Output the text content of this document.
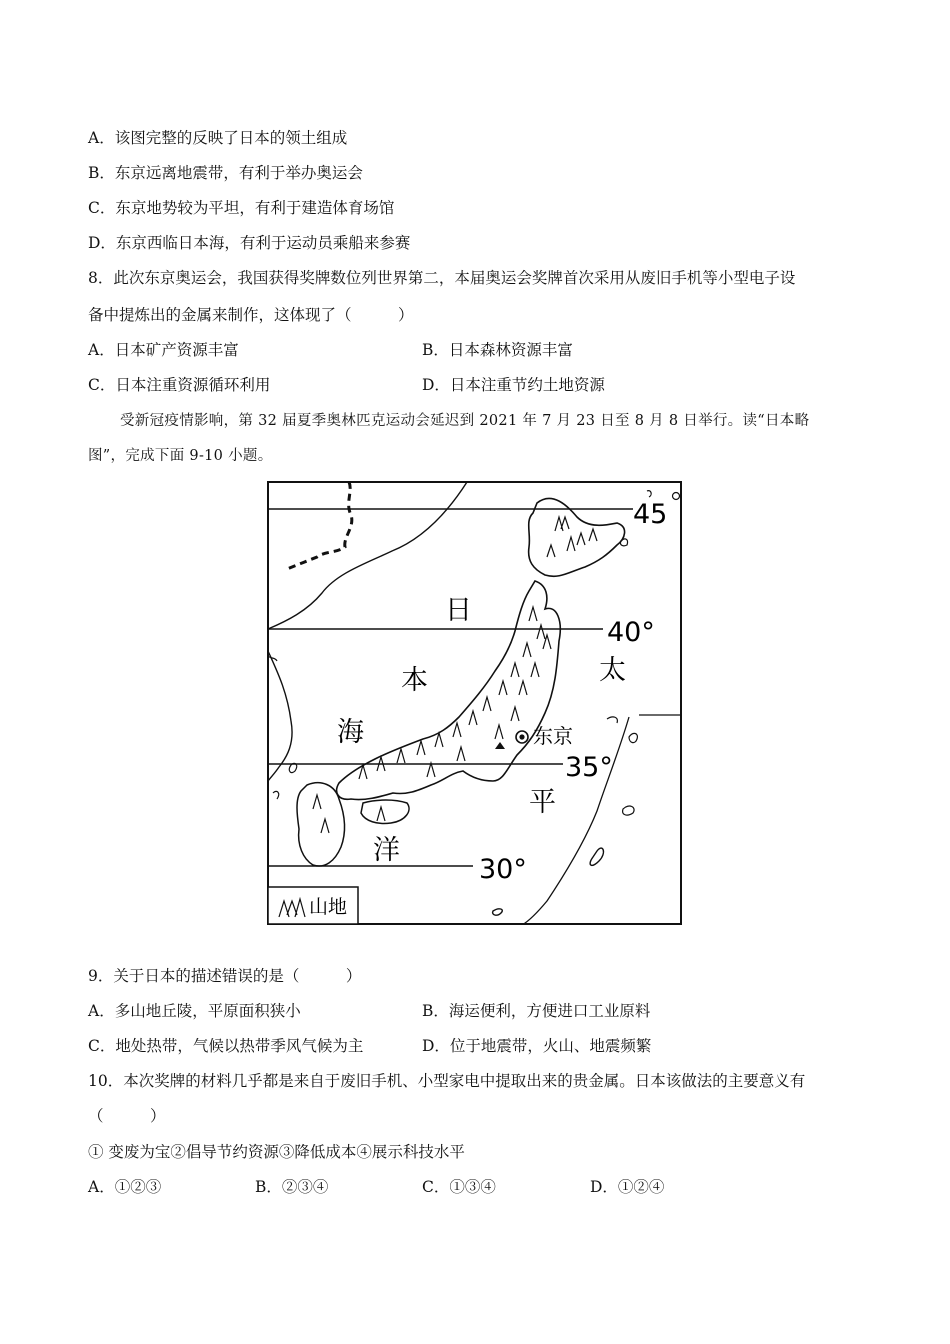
A．该图完整的反映了日本的领土组成
B．东京远离地震带，有利于举办奥运会
C．东京地势较为平坦，有利于建造体育场馆
D．东京西临日本海，有利于运动员乘船来参赛
8．此次东京奥运会，我国获得奖牌数位列世界第二，本届奥运会奖牌首次采用从废旧手机等小型电子设
备中提炼出的金属来制作，这体现了（　　　）
A．日本矿产资源丰富	B．日本森林资源丰富
C．日本注重资源循环利用	D．日本注重节约土地资源
受新冠疫情影响，第 32 届夏季奥林匹克运动会延迟到 2021 年 7 月 23 日至 8 月 8 日举行。读“日本略
图”，完成下面 9-10 小题。
45
40°
35°
30°
日
本
海
太
平
洋
东京
山地
9．关于日本的描述错误的是（　　　）
A．多山地丘陵，平原面积狭小	B．海运便利，方便进口工业原料
C．地处热带，气候以热带季风气候为主	D．位于地震带，火山、地震频繁
10．本次奖牌的材料几乎都是来自于废旧手机、小型家电中提取出来的贵金属。日本该做法的主要意义有
（　　　）
① 变废为宝②倡导节约资源③降低成本④展示科技水平
A．①②③	B．②③④	C．①③④	D．①②④
